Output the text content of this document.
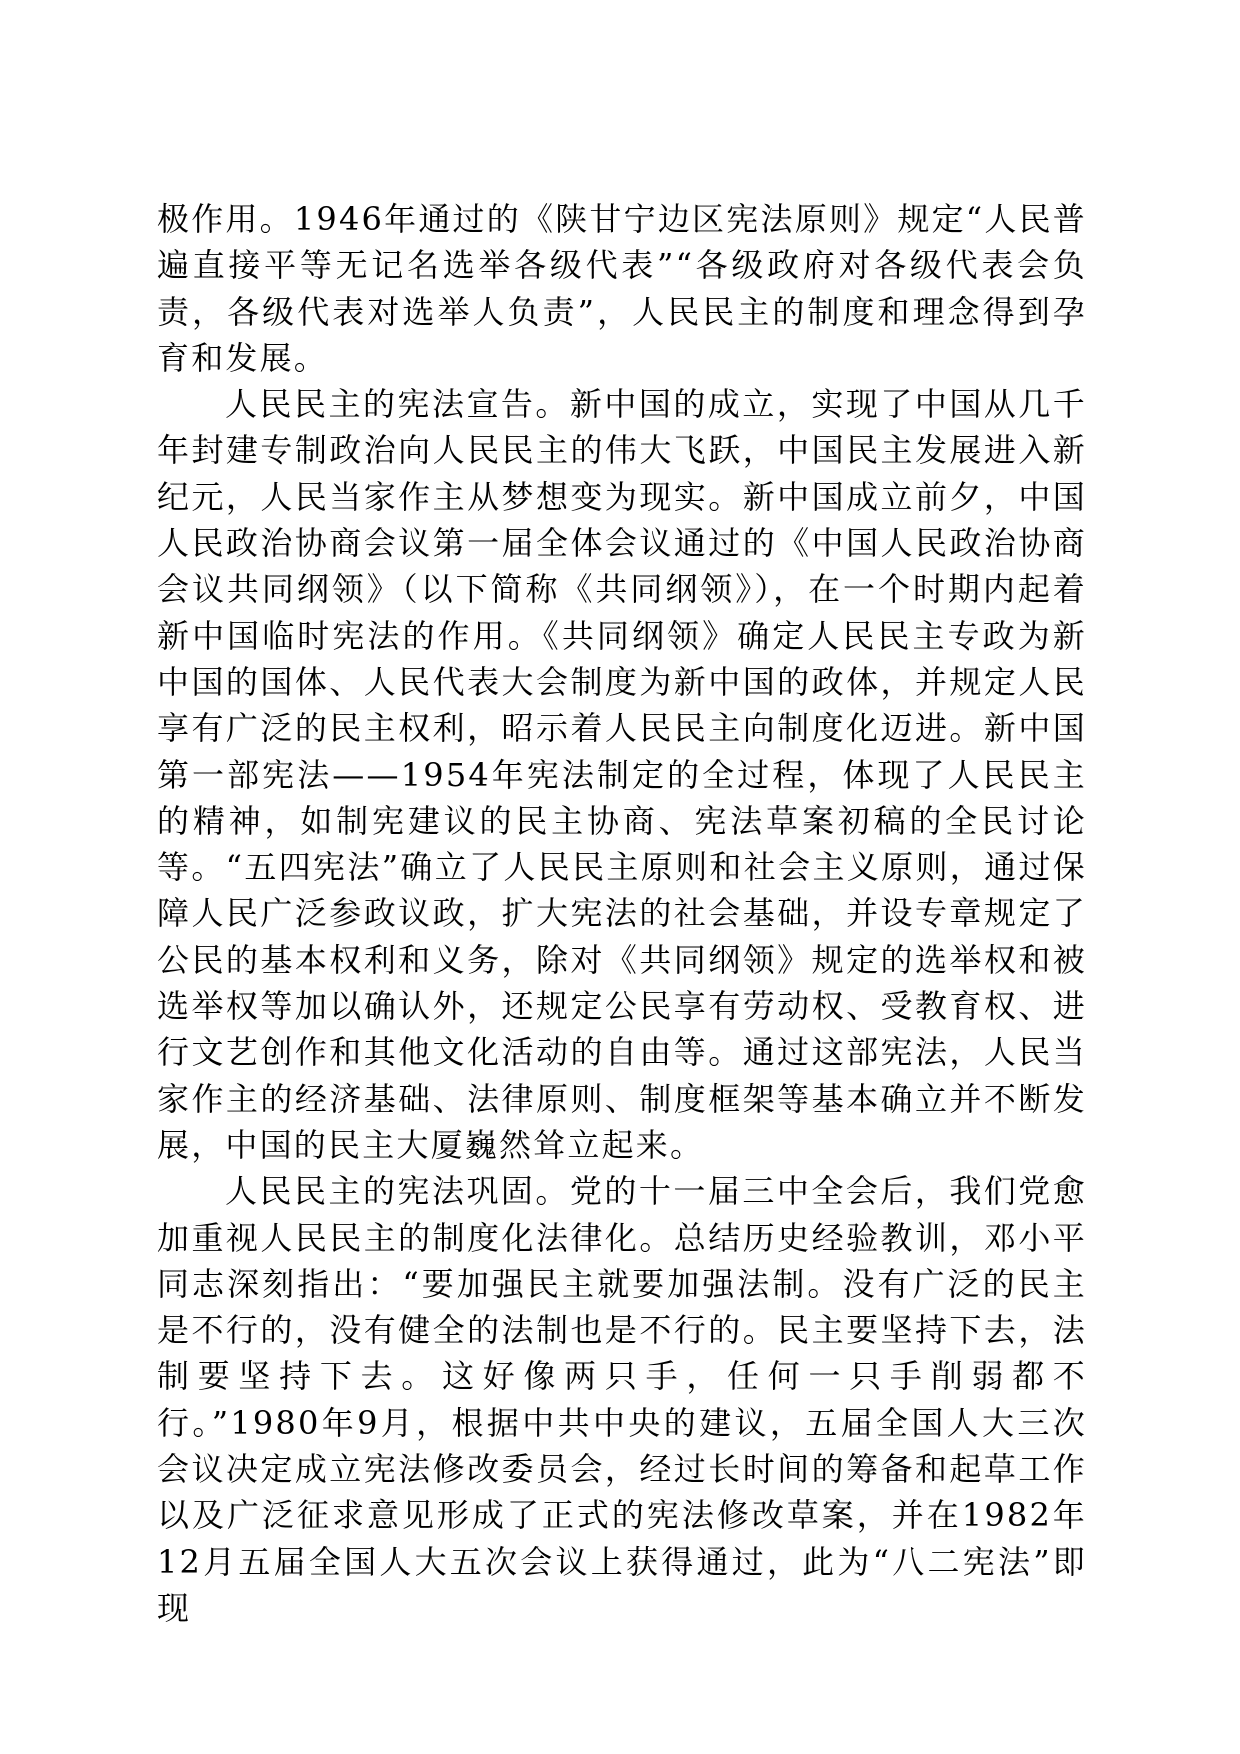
极作用。1946年通过的《陕甘宁边区宪法原则》规定“人民普遍直接平等无记名选举各级代表”“各级政府对各级代表会负责，各级代表对选举人负责”，人民民主的制度和理念得到孕育和发展。

人民民主的宪法宣告。新中国的成立，实现了中国从几千年封建专制政治向人民民主的伟大飞跃，中国民主发展进入新纪元，人民当家作主从梦想变为现实。新中国成立前夕，中国人民政治协商会议第一届全体会议通过的《中国人民政治协商会议共同纲领》（以下简称《共同纲领》），在一个时期内起着新中国临时宪法的作用。《共同纲领》确定人民民主专政为新中国的国体、人民代表大会制度为新中国的政体，并规定人民享有广泛的民主权利，昭示着人民民主向制度化迈进。新中国第一部宪法——1954年宪法制定的全过程，体现了人民民主的精神，如制宪建议的民主协商、宪法草案初稿的全民讨论等。“五四宪法”确立了人民民主原则和社会主义原则，通过保障人民广泛参政议政，扩大宪法的社会基础，并设专章规定了公民的基本权利和义务，除对《共同纲领》规定的选举权和被选举权等加以确认外，还规定公民享有劳动权、受教育权、进行文艺创作和其他文化活动的自由等。通过这部宪法，人民当家作主的经济基础、法律原则、制度框架等基本确立并不断发展，中国的民主大厦巍然耸立起来。

人民民主的宪法巩固。党的十一届三中全会后，我们党愈加重视人民民主的制度化法律化。总结历史经验教训，邓小平同志深刻指出：“要加强民主就要加强法制。没有广泛的民主是不行的，没有健全的法制也是不行的。民主要坚持下去，法制要坚持下去。这好像两只手，任何一只手削弱都不行。”1980年9月，根据中共中央的建议，五届全国人大三次会议决定成立宪法修改委员会，经过长时间的筹备和起草工作以及广泛征求意见形成了正式的宪法修改草案，并在1982年12月五届全国人大五次会议上获得通过，此为“八二宪法”即现
